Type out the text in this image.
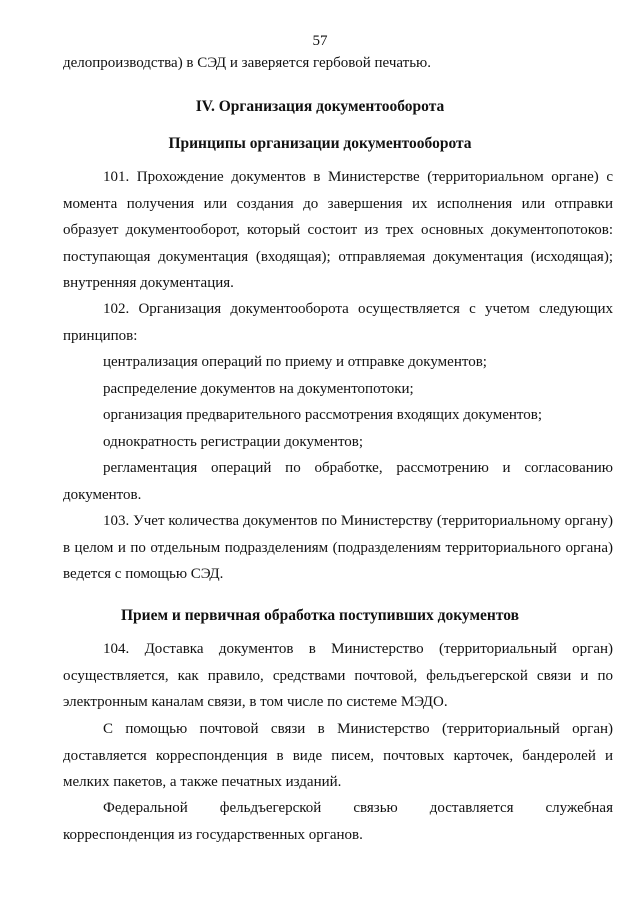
57
делопроизводства) в СЭД и заверяется гербовой печатью.
IV. Организация документооборота
Принципы организации документооборота
101. Прохождение документов в Министерстве (территориальном органе) с момента получения или создания до завершения их исполнения или отправки образует документооборот, который состоит из трех основных документопотоков: поступающая документация (входящая); отправляемая документация (исходящая); внутренняя документация.
102. Организация документооборота осуществляется с учетом следующих принципов:
централизация операций по приему и отправке документов;
распределение документов на документопотоки;
организация предварительного рассмотрения входящих документов;
однократность регистрации документов;
регламентация операций по обработке, рассмотрению и согласованию документов.
103. Учет количества документов по Министерству (территориальному органу) в целом и по отдельным подразделениям (подразделениям территориального органа) ведется с помощью СЭД.
Прием и первичная обработка поступивших документов
104. Доставка документов в Министерство (территориальный орган) осуществляется, как правило, средствами почтовой, фельдъегерской связи и по электронным каналам связи, в том числе по системе МЭДО.
С помощью почтовой связи в Министерство (территориальный орган) доставляется корреспонденция в виде писем, почтовых карточек, бандеролей и мелких пакетов, а также печатных изданий.
Федеральной фельдъегерской связью доставляется служебная корреспонденция из государственных органов.
